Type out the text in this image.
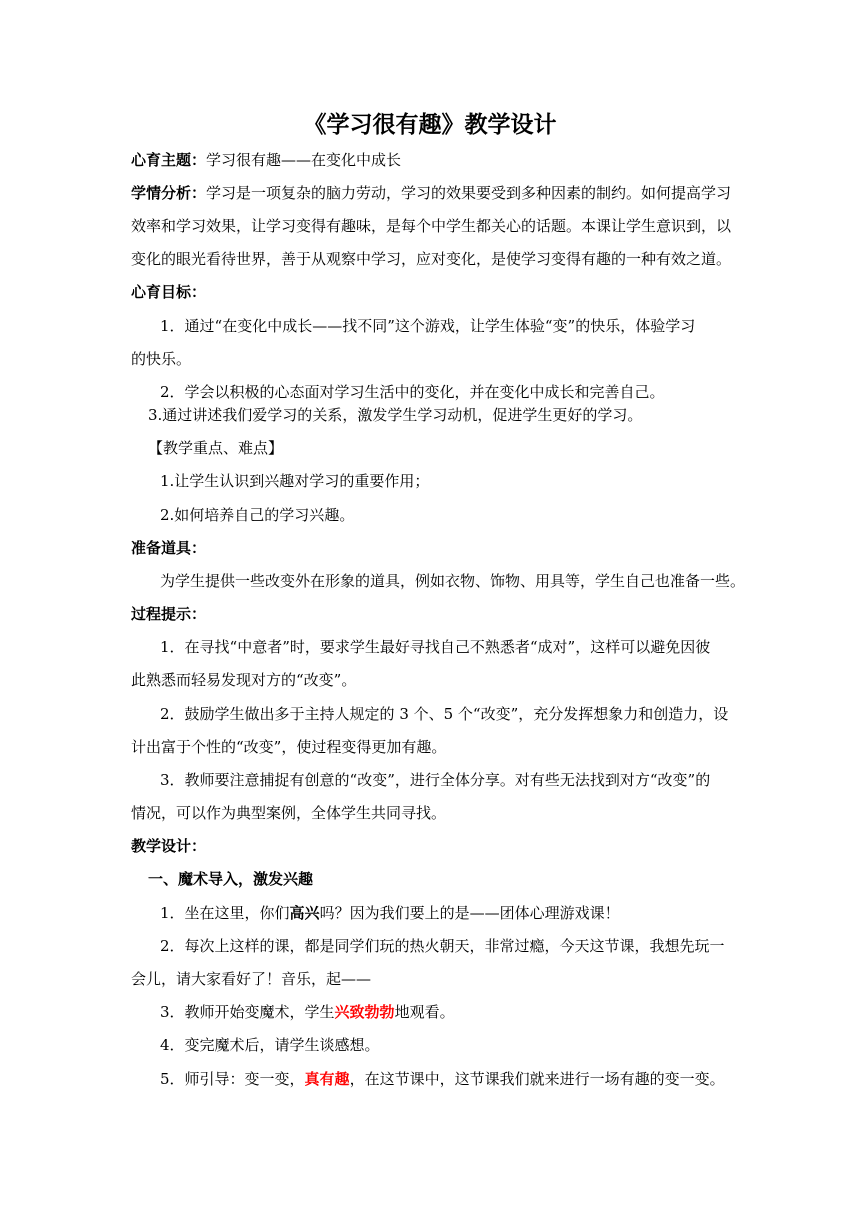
《学习很有趣》教学设计
心育主题：学习很有趣——在变化中成长
学情分析：学习是一项复杂的脑力劳动，学习的效果要受到多种因素的制约。如何提高学习
效率和学习效果，让学习变得有趣味，是每个中学生都关心的话题。本课让学生意识到，以
变化的眼光看待世界，善于从观察中学习，应对变化，是使学习变得有趣的一种有效之道。
心育目标：
1．通过“在变化中成长——找不同”这个游戏，让学生体验“变”的快乐，体验学习
的快乐。
2．学会以积极的心态面对学习生活中的变化，并在变化中成长和完善自己。
3.通过讲述我们爱学习的关系，激发学生学习动机，促进学生更好的学习。
【教学重点、难点】
1.让学生认识到兴趣对学习的重要作用；
2.如何培养自己的学习兴趣。
准备道具：
为学生提供一些改变外在形象的道具，例如衣物、饰物、用具等，学生自己也准备一些。
过程提示：
1．在寻找“中意者”时，要求学生最好寻找自己不熟悉者“成对”，这样可以避免因彼
此熟悉而轻易发现对方的“改变”。
2．鼓励学生做出多于主持人规定的 3 个、5 个“改变”，充分发挥想象力和创造力，设
计出富于个性的“改变”，使过程变得更加有趣。
3．教师要注意捕捉有创意的“改变”，进行全体分享。对有些无法找到对方“改变”的
情况，可以作为典型案例，全体学生共同寻找。
教学设计：
一、魔术导入，激发兴趣
1．坐在这里，你们高兴吗？因为我们要上的是——团体心理游戏课！
2．每次上这样的课，都是同学们玩的热火朝天，非常过瘾，今天这节课，我想先玩一
会儿，请大家看好了！音乐，起——
3．教师开始变魔术，学生兴致勃勃地观看。
4．变完魔术后，请学生谈感想。
5．师引导：变一变，真有趣，在这节课中，这节课我们就来进行一场有趣的变一变。
